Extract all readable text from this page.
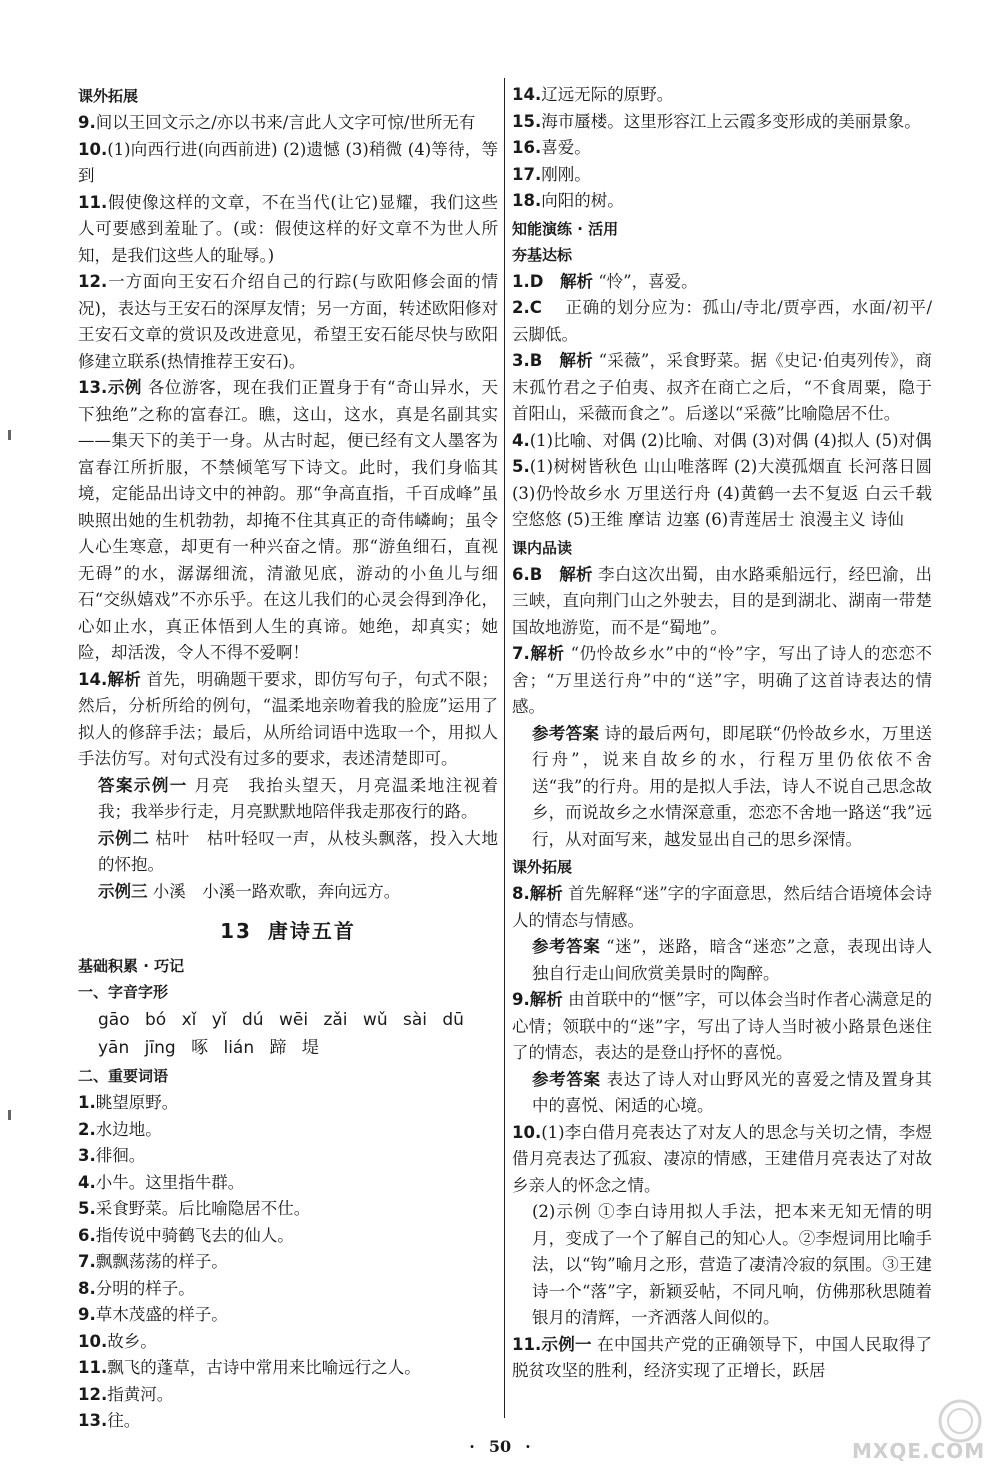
课外拓展

9.间以王回文示之/亦以书来/言此人文字可惊/世所无有

10.(1)向西行进(向西前进) (2)遗憾 (3)稍微 (4)等待，等到

11.假使像这样的文章，不在当代(让它)显耀，我们这些人可要感到羞耻了。(或：假使这样的好文章不为世人所知，是我们这些人的耻辱。)

12.一方面向王安石介绍自己的行踪(与欧阳修会面的情况)，表达与王安石的深厚友情；另一方面，转述欧阳修对王安石文章的赏识及改进意见，希望王安石能尽快与欧阳修建立联系(热情推荐王安石)。

13.示例 各位游客，现在我们正置身于有“奇山异水，天下独绝”之称的富春江。瞧，这山，这水，真是名副其实——集天下的美于一身。从古时起，便已经有文人墨客为富春江所折服，不禁倾笔写下诗文。此时，我们身临其境，定能品出诗文中的神韵。那“争高直指，千百成峰”虽映照出她的生机勃勃，却掩不住其真正的奇伟嶙峋；虽令人心生寒意，却更有一种兴奋之情。那“游鱼细石，直视无碍”的水，潺潺细流，清澈见底，游动的小鱼儿与细石“交纵嬉戏”不亦乐乎。在这儿我们的心灵会得到净化，心如止水，真正体悟到人生的真谛。她绝，却真实；她险，却活泼，令人不得不爱啊！

14.解析 首先，明确题干要求，即仿写句子，句式不限；然后，分析所给的例句，“温柔地亲吻着我的脸庞”运用了拟人的修辞手法；最后，从所给词语中选取一个，用拟人手法仿写。对句式没有过多的要求，表述清楚即可。

答案示例一 月亮　 我抬头望天，月亮温柔地注视着我；我举步行走，月亮默默地陪伴我走那夜行的路。

示例二 枯叶　 枯叶轻叹一声，从枝头飘落，投入大地的怀抱。

示例三 小溪　 小溪一路欢歌，奔向远方。

13 唐诗五首
基础积累 · 巧记
一、字音字形
gāo bó xǐ yǐ dú wēi zǎi wǔ sài dū
yān jīng 啄 lián 蹄 堤
二、重要词语

1.眺望原野。

2.水边地。

3.徘徊。

4.小牛。这里指牛群。

5.采食野菜。后比喻隐居不仕。

6.指传说中骑鹤飞去的仙人。

7.飘飘荡荡的样子。

8.分明的样子。

9.草木茂盛的样子。

10.故乡。

11.飘飞的蓬草，古诗中常用来比喻远行之人。

12.指黄河。

13.往。

14.辽远无际的原野。

15.海市蜃楼。这里形容江上云霞多变形成的美丽景象。

16.喜爱。

17.刚刚。

18.向阳的树。

知能演练 · 活用
夯基达标

1.D　 解析 “怜”，喜爱。

2.C　 正确的划分应为：孤山/寺北/贾亭西，水面/初平/云脚低。

3.B　 解析 “采薇”，采食野菜。据《史记·伯夷列传》，商末孤竹君之子伯夷、叔齐在商亡之后，“不食周粟，隐于首阳山，采薇而食之”。后遂以“采薇”比喻隐居不仕。

4.(1)比喻、对偶 (2)比喻、对偶 (3)对偶 (4)拟人 (5)对偶

5.(1)树树皆秋色 山山唯落晖 (2)大漠孤烟直 长河落日圆 (3)仍怜故乡水 万里送行舟 (4)黄鹤一去不复返 白云千载空悠悠 (5)王维 摩诘 边塞 (6)青莲居士 浪漫主义 诗仙

课内品读

6.B　 解析 李白这次出蜀，由水路乘船远行，经巴渝，出三峡，直向荆门山之外驶去，目的是到湖北、湖南一带楚国故地游览，而不是“蜀地”。

7.解析 “仍怜故乡水”中的“怜”字，写出了诗人的恋恋不舍；“万里送行舟”中的“送”字，明确了这首诗表达的情感。

参考答案 诗的最后两句，即尾联“仍怜故乡水，万里送行舟”，说来自故乡的水，行程万里仍依依不舍送“我”的行舟。用的是拟人手法，诗人不说自己思念故乡，而说故乡之水情深意重，恋恋不舍地一路送“我”远行，从对面写来，越发显出自己的思乡深情。

课外拓展

8.解析 首先解释“迷”字的字面意思，然后结合语境体会诗人的情态与情感。

参考答案 “迷”，迷路，暗含“迷恋”之意，表现出诗人独自行走山间欣赏美景时的陶醉。

9.解析 由首联中的“惬”字，可以体会当时作者心满意足的心情；领联中的“迷”字，写出了诗人当时被小路景色迷住了的情态，表达的是登山抒怀的喜悦。

参考答案 表达了诗人对山野风光的喜爱之情及置身其中的喜悦、闲适的心境。

10.(1)李白借月亮表达了对友人的思念与关切之情，李煜借月亮表达了孤寂、凄凉的情感，王建借月亮表达了对故乡亲人的怀念之情。

(2)示例 ①李白诗用拟人手法，把本来无知无情的明月，变成了一个了解自己的知心人。②李煜词用比喻手法，以“钩”喻月之形，营造了凄清冷寂的氛围。③王建诗一个“落”字，新颖妥帖，不同凡响，仿佛那秋思随着银月的清辉，一齐洒落人间似的。

11.示例一 在中国共产党的正确领导下，中国人民取得了脱贫攻坚的胜利，经济实现了正增长，跃居

· 50 ·	MXQE.COM
